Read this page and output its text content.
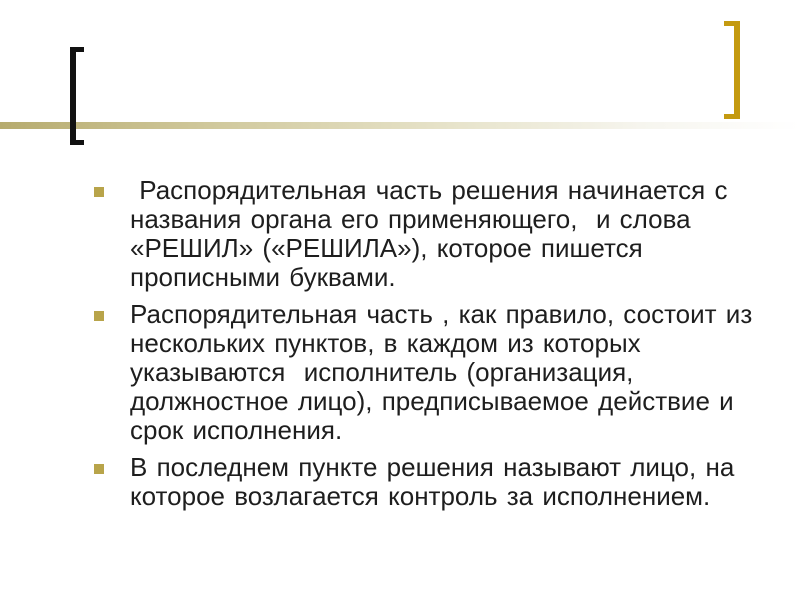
Распорядительная часть решения начинается с названия органа его применяющего,  и слова «РЕШИЛ» («РЕШИЛА»), которое пишется прописными буквами.
Распорядительная часть , как правило, состоит из нескольких пунктов, в каждом из которых указываются  исполнитель (организация, должностное лицо), предписываемое действие и срок исполнения.
В последнем пункте решения называют лицо, на которое возлагается контроль за исполнением.
